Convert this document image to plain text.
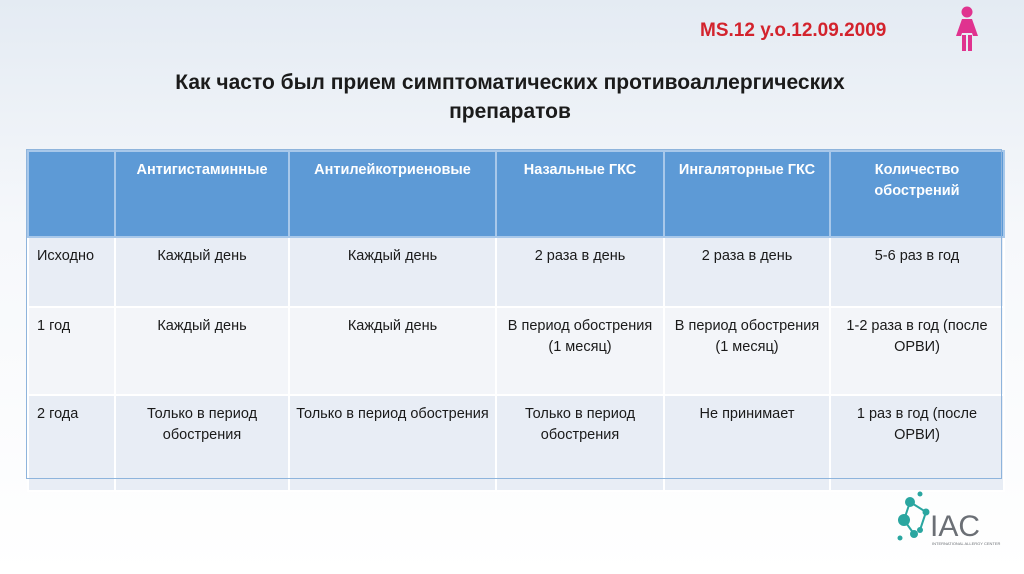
MS.12 у.о.12.09.2009
Как часто был прием симптоматических противоаллергических
препаратов
	Антигистаминные	Антилейкотриеновые	Назальные ГКС	Ингаляторные ГКС	Количество обострений
Исходно	Каждый день	Каждый день	2 раза в день	2 раза в день	5-6 раз в год
1 год	Каждый день	Каждый день	В период обострения (1 месяц)	В период обострения (1 месяц)	1-2 раза в год (после ОРВИ)
2 года	Только в период обострения	Только в период обострения	Только в период обострения	Не принимает	1 раз в год (после ОРВИ)
IAC
INTERNATIONAL ALLERGY CENTER
